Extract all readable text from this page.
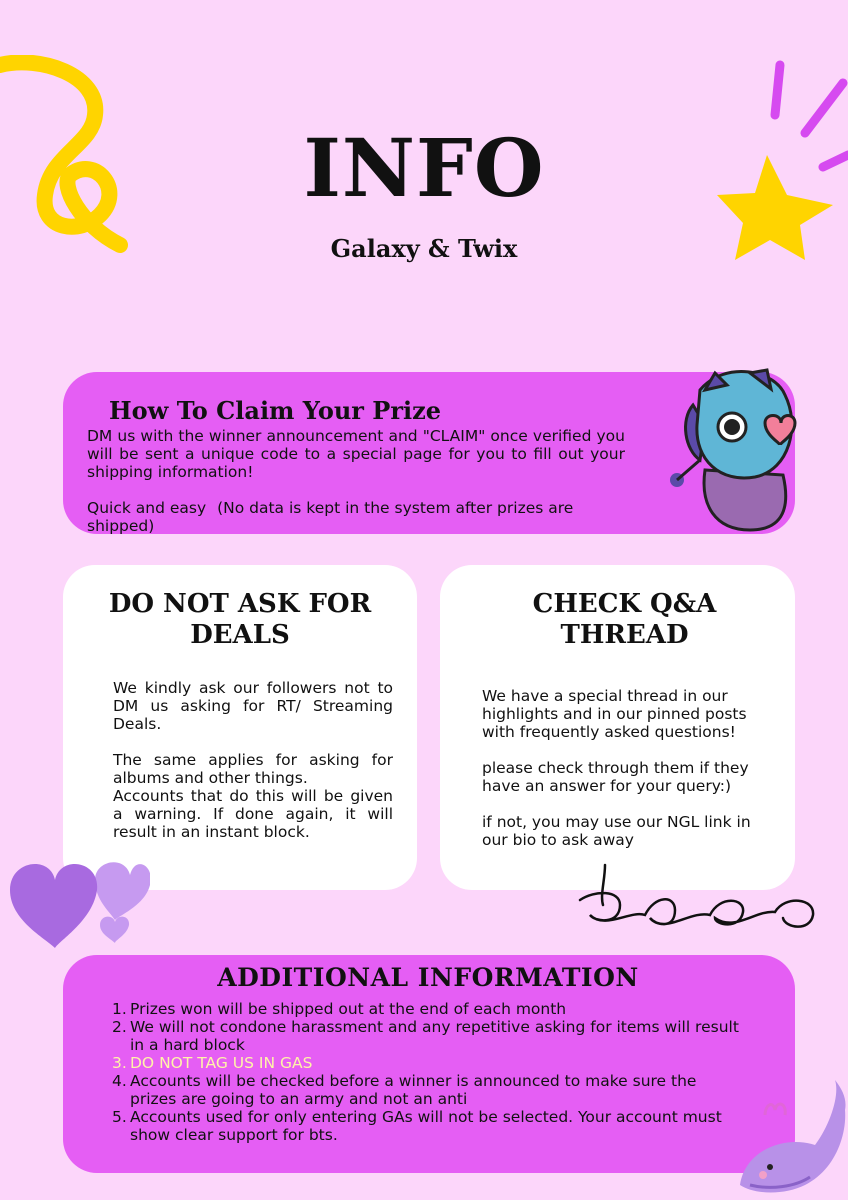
INFO
Galaxy & Twix
How To Claim Your Prize
DM us with the winner announcement and "CLAIM" once verified you will be sent a unique code to a special page for you to fill out your shipping information!
Quick and easy (No data is kept in the system after prizes are shipped)
DO NOT ASK FOR DEALS
We kindly ask our followers not to DM us asking for RT/ Streaming Deals.

The same applies for asking for albums and other things.
Accounts that do this will be given a warning. If done again, it will result in an instant block.
CHECK Q&A THREAD
We have a special thread in our highlights and in our pinned posts with frequently asked questions!

please check through them if they have an answer for your query:)

if not, you may use our NGL link in our bio to ask away
ADDITIONAL INFORMATION
1. Prizes won will be shipped out at the end of each month
2. We will not condone harassment and any repetitive asking for items will result in a hard block
3. DO NOT TAG US IN GAS
4. Accounts will be checked before a winner is announced to make sure the prizes are going to an army and not an anti
5. Accounts used for only entering GAs will not be selected. Your account must show clear support for bts.
